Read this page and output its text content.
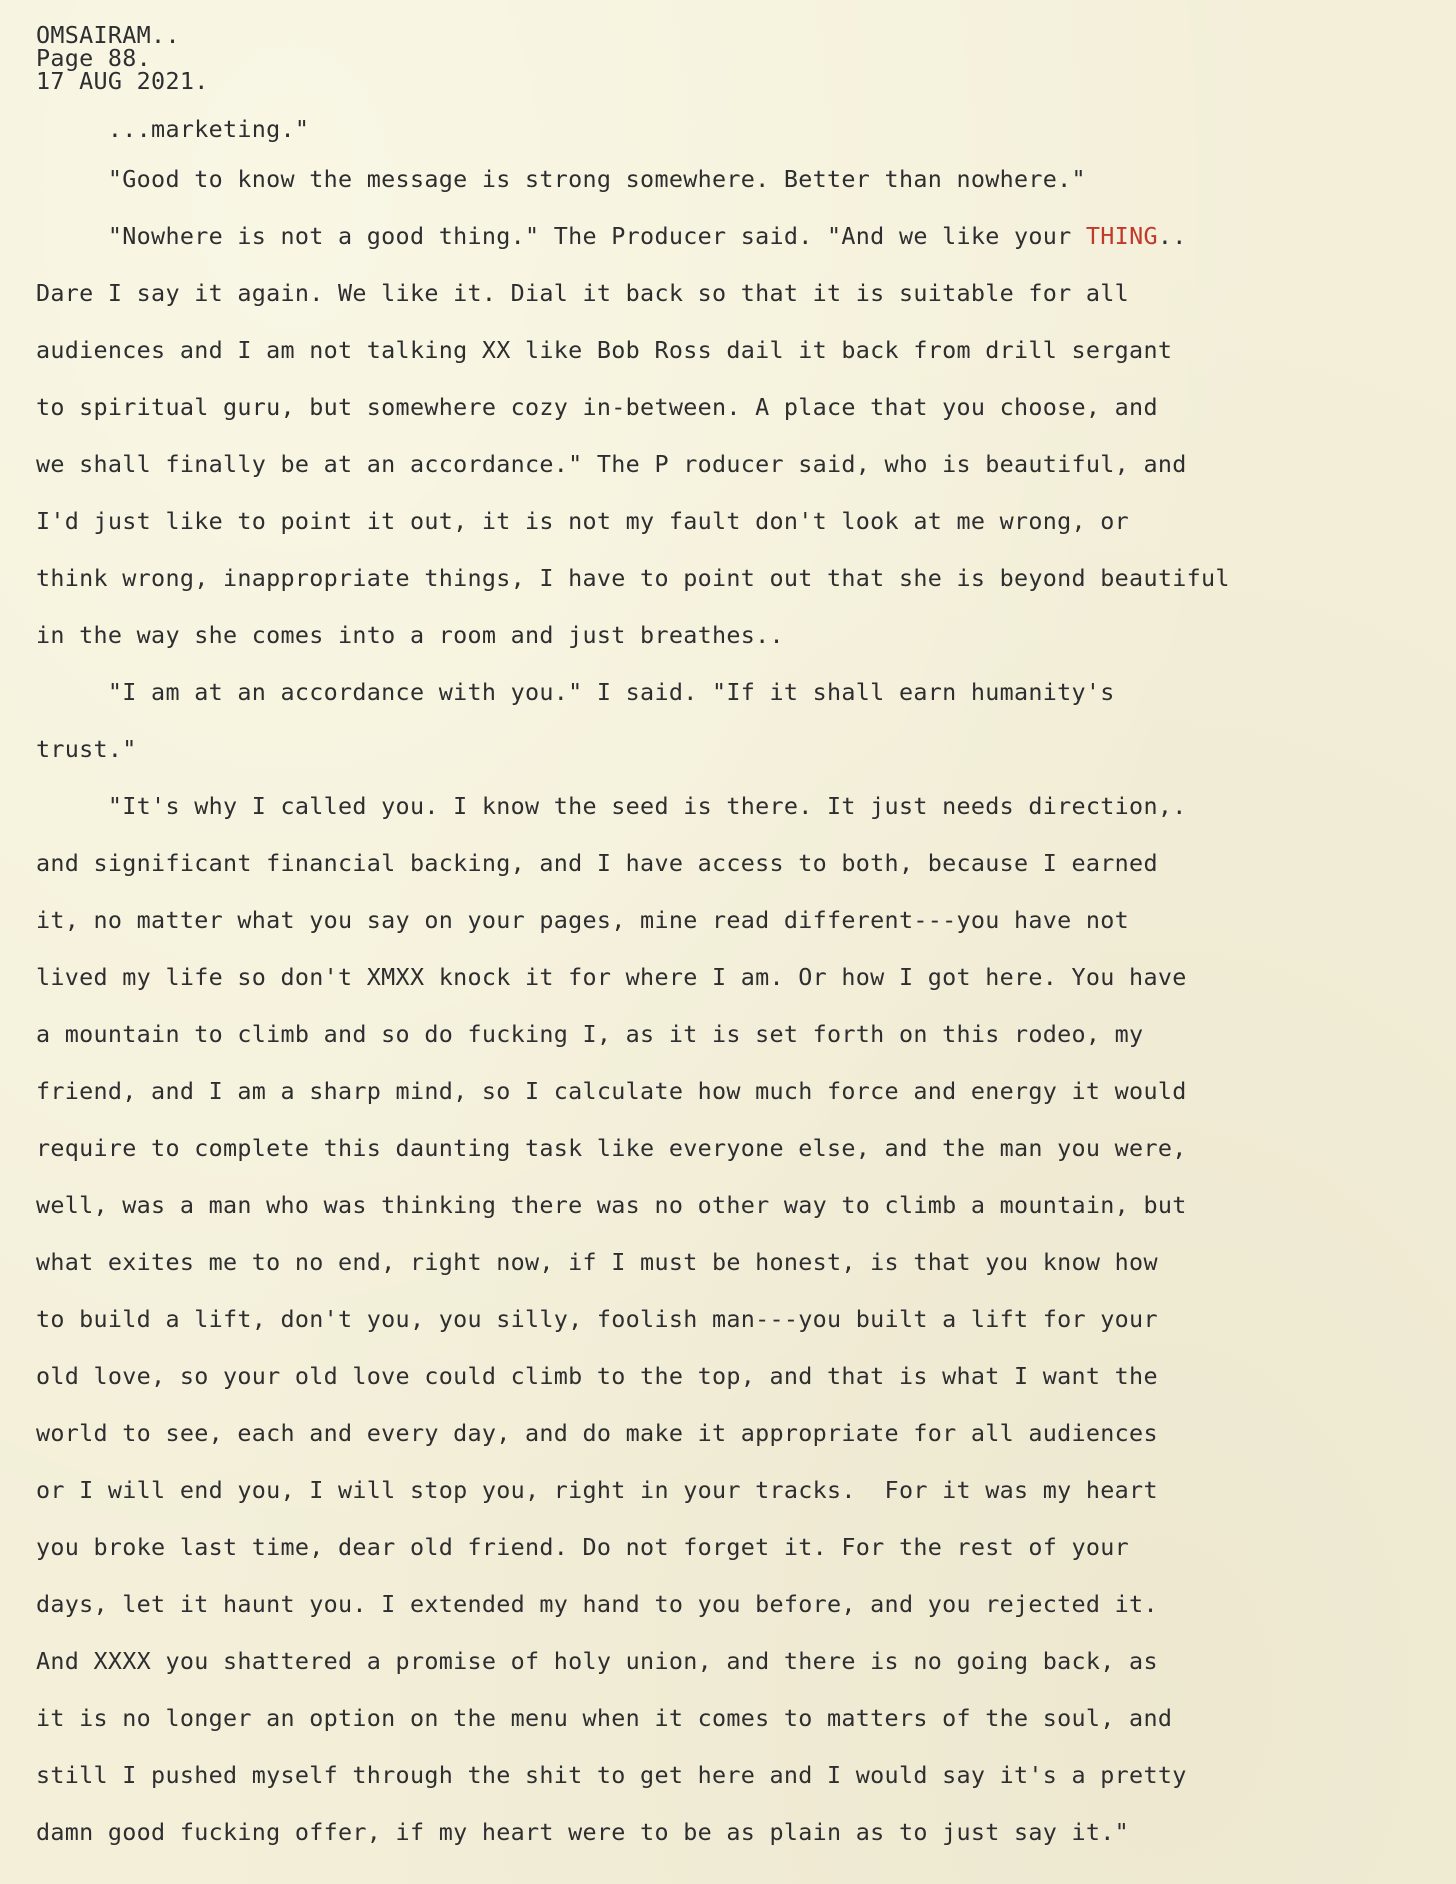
OMSAIRAM..
Page 88.
17 AUG 2021.
...marketing."
"Good to know the message is strong somewhere. Better than nowhere."
"Nowhere is not a good thing." The Producer said. "And we like your THING..
Dare I say it again. We like it. Dial it back so that it is suitable for all
audiences and I am not talking XX like Bob Ross dail it back from drill sergant
to spiritual guru, but somewhere cozy in-between. A place that you choose, and
we shall finally be at an accordance." The P roducer said, who is beautiful, and
I'd just like to point it out, it is not my fault don't look at me wrong, or
think wrong, inappropriate things, I have to point out that she is beyond beautiful
in the way she comes into a room and just breathes..
"I am at an accordance with you." I said. "If it shall earn humanity's
trust."
"It's why I called you. I know the seed is there. It just needs direction,.
and significant financial backing, and I have access to both, because I earned
it, no matter what you say on your pages, mine read different---you have not
lived my life so don't XMXX knock it for where I am. Or how I got here. You have
a mountain to climb and so do fucking I, as it is set forth on this rodeo, my
friend, and I am a sharp mind, so I calculate how much force and energy it would
require to complete this daunting task like everyone else, and the man you were,
well, was a man who was thinking there was no other way to climb a mountain, but
what exites me to no end, right now, if I must be honest, is that you know how
to build a lift, don't you, you silly, foolish man---you built a lift for your
old love, so your old love could climb to the top, and that is what I want the
world to see, each and every day, and do make it appropriate for all audiences
or I will end you, I will stop you, right in your tracks.  For it was my heart
you broke last time, dear old friend. Do not forget it. For the rest of your
days, let it haunt you. I extended my hand to you before, and you rejected it.
And XXXX you shattered a promise of holy union, and there is no going back, as
it is no longer an option on the menu when it comes to matters of the soul, and
still I pushed myself through the shit to get here and I would say it's a pretty
damn good fucking offer, if my heart were to be as plain as to just say it."
